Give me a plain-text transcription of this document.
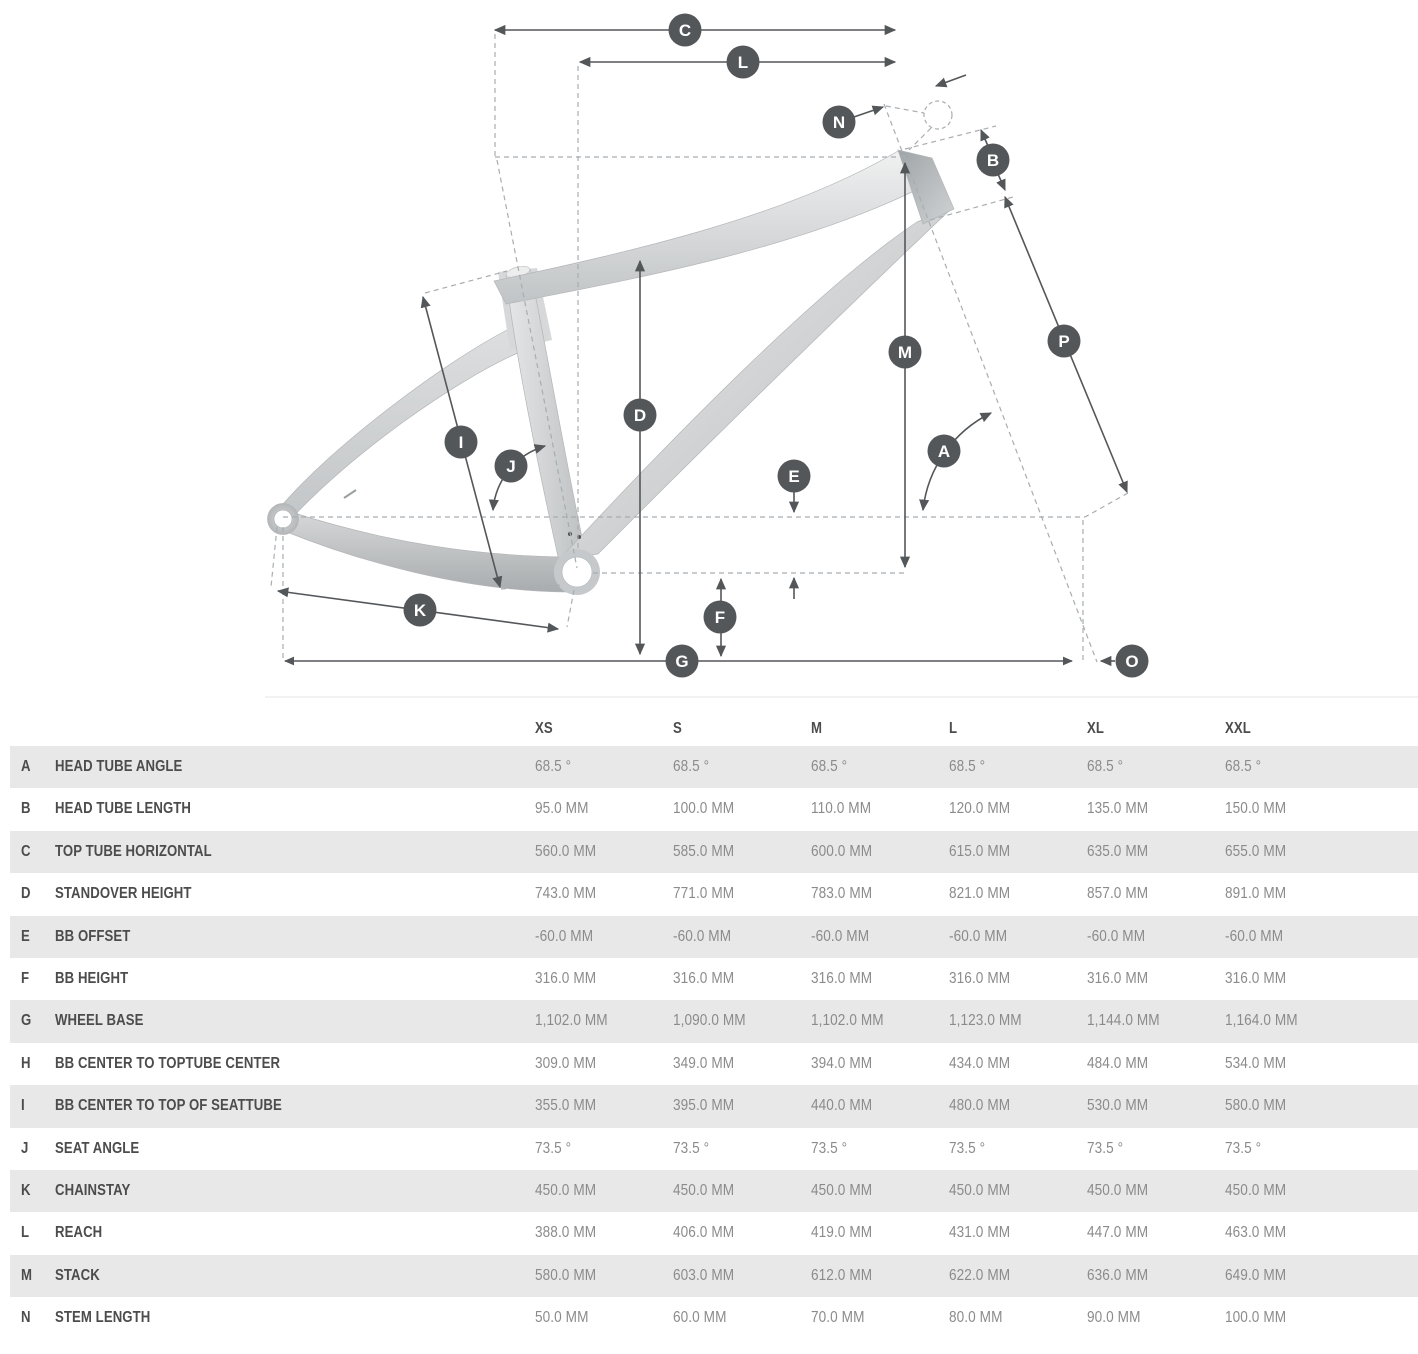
C
L
N
B
P
M
D
A
E
I
J
F
K
G	O
XS	S	M	L	XL	XXL
A HEAD TUBE ANGLE	68.5 °	68.5 °	68.5 °	68.5 °	68.5 °	68.5 °
B HEAD TUBE LENGTH	95.0 MM	100.0 MM	110.0 MM	120.0 MM	135.0 MM	150.0 MM
C TOP TUBE HORIZONTAL	560.0 MM	585.0 MM	600.0 MM	615.0 MM	635.0 MM	655.0 MM
D STANDOVER HEIGHT	743.0 MM	771.0 MM	783.0 MM	821.0 MM	857.0 MM	891.0 MM
E BB OFFSET	-60.0 MM	-60.0 MM	-60.0 MM	-60.0 MM	-60.0 MM	-60.0 MM
F BB HEIGHT	316.0 MM	316.0 MM	316.0 MM	316.0 MM	316.0 MM	316.0 MM
G WHEEL BASE	1,102.0 MM	1,090.0 MM	1,102.0 MM	1,123.0 MM	1,144.0 MM	1,164.0 MM
H BB CENTER TO TOPTUBE CENTER	309.0 MM	349.0 MM	394.0 MM	434.0 MM	484.0 MM	534.0 MM
I BB CENTER TO TOP OF SEATTUBE	355.0 MM	395.0 MM	440.0 MM	480.0 MM	530.0 MM	580.0 MM
J SEAT ANGLE	73.5 °	73.5 °	73.5 °	73.5 °	73.5 °	73.5 °
K CHAINSTAY	450.0 MM	450.0 MM	450.0 MM	450.0 MM	450.0 MM	450.0 MM
L REACH	388.0 MM	406.0 MM	419.0 MM	431.0 MM	447.0 MM	463.0 MM
M STACK	580.0 MM	603.0 MM	612.0 MM	622.0 MM	636.0 MM	649.0 MM
N STEM LENGTH	50.0 MM	60.0 MM	70.0 MM	80.0 MM	90.0 MM	100.0 MM
